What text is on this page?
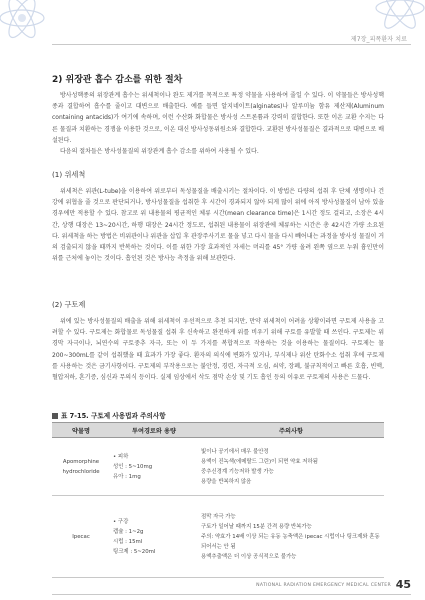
제7장_피폭환자 치료
2) 위장관 흡수 감소를 위한 절차
방사성핵종의 위장관계 흡수는 위세척이나 완도 제거를 목적으로 특정 약물을 사용하여 줄일 수 있다. 이 약물들은 방사성핵종과 결합하여 흡수를 줄이고 대변으로 배출한다. 예를 들면 알지네이트(alginates)나 알루미늄 함유 제산제(Aluminum containing antacids)가 여기에 속하며, 이런 수산화 화합물은 방사성 스트론튬과 강력히 결합한다. 또한 이온 교환 수지는 다른 물질과 치환하는 경쟁을 이용한 것으로, 이온 대신 방사성동위원소와 결합한다. 교환된 방사성물질은 결과적으로 대변으로 배설된다.
다음의 절차들은 방사성물질의 위장관계 흡수 감소를 위하여 사용될 수 있다.
(1) 위세척
위세척은 위관(L-tube)을 이용하여 위로부터 독성물질을 배출시키는 절차이다. 이 방법은 다량의 섭취 후 단체 생명이나 건강에 위협을 줄 것으로 판단되거나, 방사성물질을 섭취한 후 시간이 경과되지 않아 되게 많이 위에 아직 방사성물질이 남아 있을 경우에만 적용할 수 있다. 참고로 위 내용물의 평균적인 체류 시간(mean clearance time)은 1시간 정도 걸리고, 소장은 4시간, 상행 대장은 13~20시간, 하행 대장은 24시간 정도로, 섭취된 내용물이 위장관에 체류하는 시간은 총 42시간 가량 소요된다. 위세척을 하는 방법은 비위관이나 위관을 삽입 후 관장주사기로 물을 넣고 다시 물을 다시 빼어내는 과정을 방사성 물질이 거의 검출되지 않을 때까지 반복하는 것이다. 이를 위한 가장 효과적인 자세는 머리를 45° 가량 올려 왼쪽 옆으로 누워 흉인만이 위를 근처에 놓이는 것이다. 흡인된 것은 방사능 측정을 위해 보관한다.
(2) 구토제
위에 있는 방사성물질의 배출을 위해 위세척이 우선적으로 추천 되지만, 만약 위세척이 어려울 상황이라면 구토제 사용을 고려할 수 있다. 구토제는 화합물로 독성물질 섭취 후 신속하고 완전하게 위를 비우기 위해 구토를 유발할 때 쓰인다. 구토제는 위 경막 자극이나, 뇌연수의 구토중추 자극, 또는 이 두 가지를 복합적으로 작용하는 것을 이용하는 물질이다. 구토제는 물 200~300mL를 같이 섭취했을 때 효과가 가장 좋다. 환자의 의식에 변화가 있거나, 부식제나 위산 탄화수소 섭취 후에 구토제를 사용하는 것은 금기사항이다. 구토제의 부작용으로는 불안정, 경련, 자극적 오심, 쇠약, 장폐, 불규칙적이고 빠른 호흡, 빈맥, 혈압저하, 혼기증, 심신과 무의식 등이다. 실제 임상에서 삭도 점막 손상 및 기도 흡인 등의 이유로 구토제의 사용은 드물다.
표 7-15. 구토제 사용법과 주의사항
약물명	투여경로와 용량	주의사항
Apomorphine hydrochloride	• 피하
성인 : 5~10mg
유아 : 1mg	빛이나 공기에서 매우 불안정
용액이 진녹색(에메랄드 그린)이 되면 약효 저하됨
중추신경계 기능저하 발생 가능
용량을 반복하지 않음
Ipecac	• 구강
캡슐 : 1~2g
시럽 : 15ml
팅크제 : 5~20ml	점막 자극 가능
구토가 일어날 때까지 15분 간격 용량 반복가능
주의: 약효가 14배 이상 되는 유동 농축액은 ipecac 시럽이나 팅크제와 혼동되어서는 안 됨
용액추출액은 더 이상 공식적으로 불가능
NATIONAL RADIATION EMERGENCY MEDICAL CENTER 45
